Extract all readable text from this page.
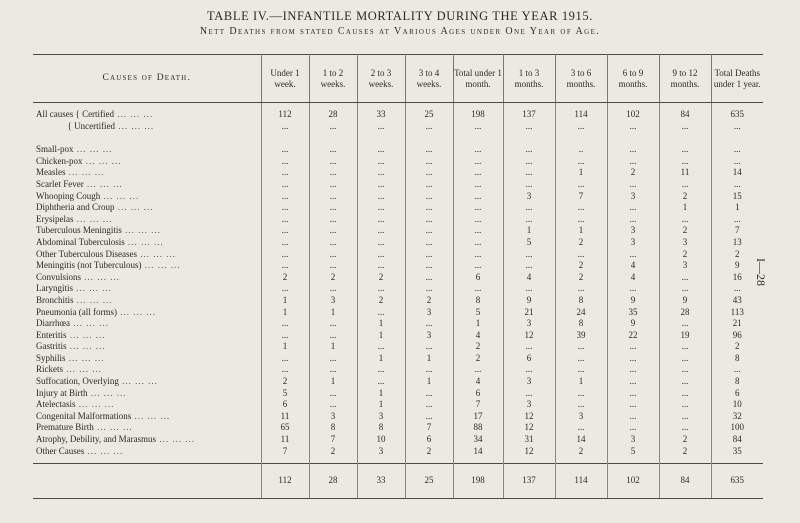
TABLE IV.—INFANTILE MORTALITY DURING THE YEAR 1915.
Nett Deaths from stated Causes at Various Ages under One Year of Age.
I—28
Causes of Death.	Under 1 week.	1 to 2 weeks.	2 to 3 weeks.	3 to 4 weeks.	Total under 1 month.	1 to 3 months.	3 to 6 months.	6 to 9 months.	9 to 12 months.	Total Deaths under 1 year.

All causes { Certified ... ... ...	112	28	33	25	198	137	114	102	84	635
{ Uncertified ... ... ...	...	...	...	...	...	...	...	...	...	...

Small-pox ... ... ...	...	...	...	...	...	...	..	...	...	...
Chicken-pox ... ... ...	...	...	...	...	...	...	...	...	...	...
Measles ... ... ...	...	...	...	...	...	...	1	2	11	14
Scarlet Fever ... ... ...	...	...	...	...	...	...	...	...	...	...
Whooping Cough ... ... ...	...	...	...	...	...	3	7	3	2	15
Diphtheria and Croup ... ... ...	...	...	...	...	...	...	...	...	1	1
Erysipelas ... ... ...	...	...	...	...	...	...	...	...	...	...
Tuberculous Meningitis ... ... ...	...	...	...	...	...	1	1	3	2	7
Abdominal Tuberculosis ... ... ...	...	...	...	...	...	5	2	3	3	13
Other Tuberculous Diseases ... ... ...	...	...	...	...	...	...	...	...	2	2
Meningitis (not Tuberculous) ... ... ...	...	...	...	...	...	...	2	4	3	9
Convulsions ... ... ...	2	2	2	...	6	4	2	4	...	16
Laryngitis ... ... ...	...	...	...	...	...	...	...	...	...	...
Bronchitis ... ... ...	1	3	2	2	8	9	8	9	9	43
Pneumonia (all forms) ... ... ...	1	1	...	3	5	21	24	35	28	113
Diarrhœa ... ... ...	...	...	1	...	1	3	8	9	...	21
Enteritis ... ... ...	...	...	1	3	4	12	39	22	19	96
Gastritis ... ... ...	1	1	...	...	2	...	...	...	...	2
Syphilis ... ... ...	...	...	1	1	2	6	...	...	...	8
Rickets ... ... ...	...	...	...	...	...	...	...	...	...	...
Suffocation, Overlying ... ... ...	2	1	...	1	4	3	1	...	...	8
Injury at Birth ... ... ...	5	...	1	...	6	...	...	...	...	6
Atelectasis ... ... ...	6	...	1	...	7	3	...	...	...	10
Congenital Malformations ... ... ...	11	3	3	...	17	12	3	...	...	32
Premature Birth ... ... ...	65	8	8	7	88	12	...	...	...	100
Atrophy, Debility, and Marasmus ... ... ...	11	7	10	6	34	31	14	3	2	84
Other Causes ... ... ...	7	2	3	2	14	12	2	5	2	35

	112	28	33	25	198	137	114	102	84	635
